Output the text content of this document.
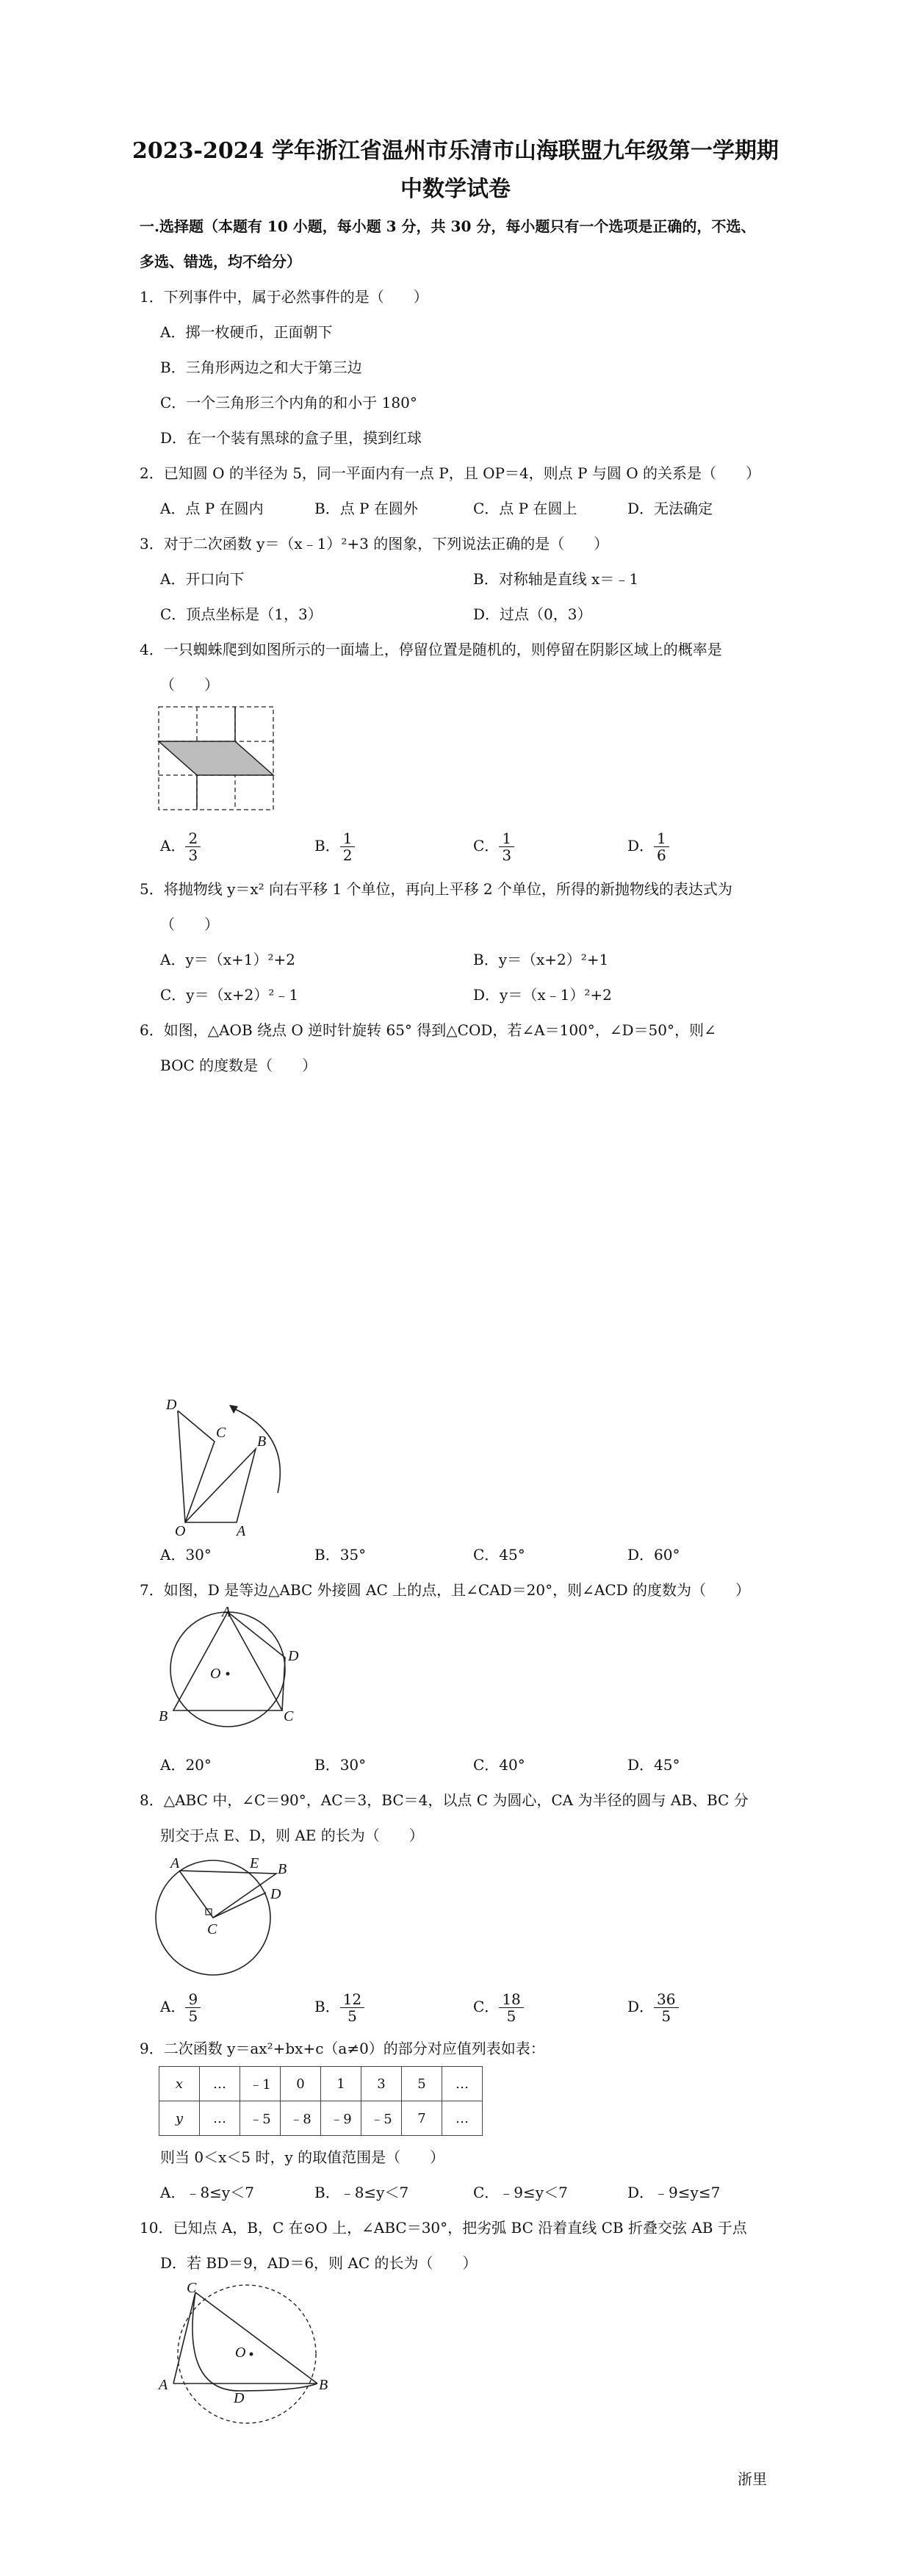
2023-2024 学年浙江省温州市乐清市山海联盟九年级第一学期期
中数学试卷
一.选择题（本题有 10 小题，每小题 3 分，共 30 分，每小题只有一个选项是正确的，不选、
多选、错选，均不给分）
1．下列事件中，属于必然事件的是（　　）
A．掷一枚硬币，正面朝下
B．三角形两边之和大于第三边
C．一个三角形三个内角的和小于 180°
D．在一个装有黑球的盒子里，摸到红球
2．已知圆 O 的半径为 5，同一平面内有一点 P，且 OP＝4，则点 P 与圆 O 的关系是（　　）
A．点 P 在圆内	B．点 P 在圆外	C．点 P 在圆上	D．无法确定
3．对于二次函数 y＝（x﹣1）²+3 的图象，下列说法正确的是（　　）
A．开口向下	B．对称轴是直线 x＝﹣1
C．顶点坐标是（1，3）	D．过点（0，3）
4．一只蜘蛛爬到如图所示的一面墙上，停留位置是随机的，则停留在阴影区域上的概率是
（　　）
A． $\frac{2}{3}$	B． $\frac{1}{2}$	C． $\frac{1}{3}$	D． $\frac{1}{6}$
5．将抛物线 y＝x² 向右平移 1 个单位，再向上平移 2 个单位，所得的新抛物线的表达式为
（　　）
A．y＝（x+1）²+2	B．y＝（x+2）²+1
C．y＝（x+2）²﹣1	D．y＝（x﹣1）²+2
6．如图，△AOB 绕点 O 逆时针旋转 65° 得到△COD，若∠A＝100°，∠D＝50°，则∠
BOC 的度数是（　　）
D
C
B
O	A
A．30°	B．35°	C．45°	D．60°
7．如图，D 是等边△ABC 外接圆 AC 上的点，且∠CAD＝20°，则∠ACD 的度数为（　　）
A
O
D
B	C
A．20°	B．30°	C．40°	D．45°
8．△ABC 中，∠C＝90°，AC＝3，BC＝4，以点 C 为圆心，CA 为半径的圆与 AB、BC 分
别交于点 E、D，则 AE 的长为（　　）
A	E B
D
C
A． $\frac{9}{5}$	B． $\frac{12}{5}$	C． $\frac{18}{5}$	D． $\frac{36}{5}$
9．二次函数 y＝ax²+bx+c（a≠0）的部分对应值列表如表：
x	…	﹣1	0	1	3	5	…
y	…	﹣5	﹣8	﹣9	﹣5	7	…
则当 0＜x＜5 时，y 的取值范围是（　　）
A．﹣8≤y＜7	B．﹣8≤y＜7	C．﹣9≤y＜7	D．﹣9≤y≤7
10．已知点 A，B，C 在⊙O 上，∠ABC＝30°，把劣弧 BC 沿着直线 CB 折叠交弦 AB 于点
D．若 BD＝9，AD＝6，则 AC 的长为（　　）
C
O
A
D
B
浙里
